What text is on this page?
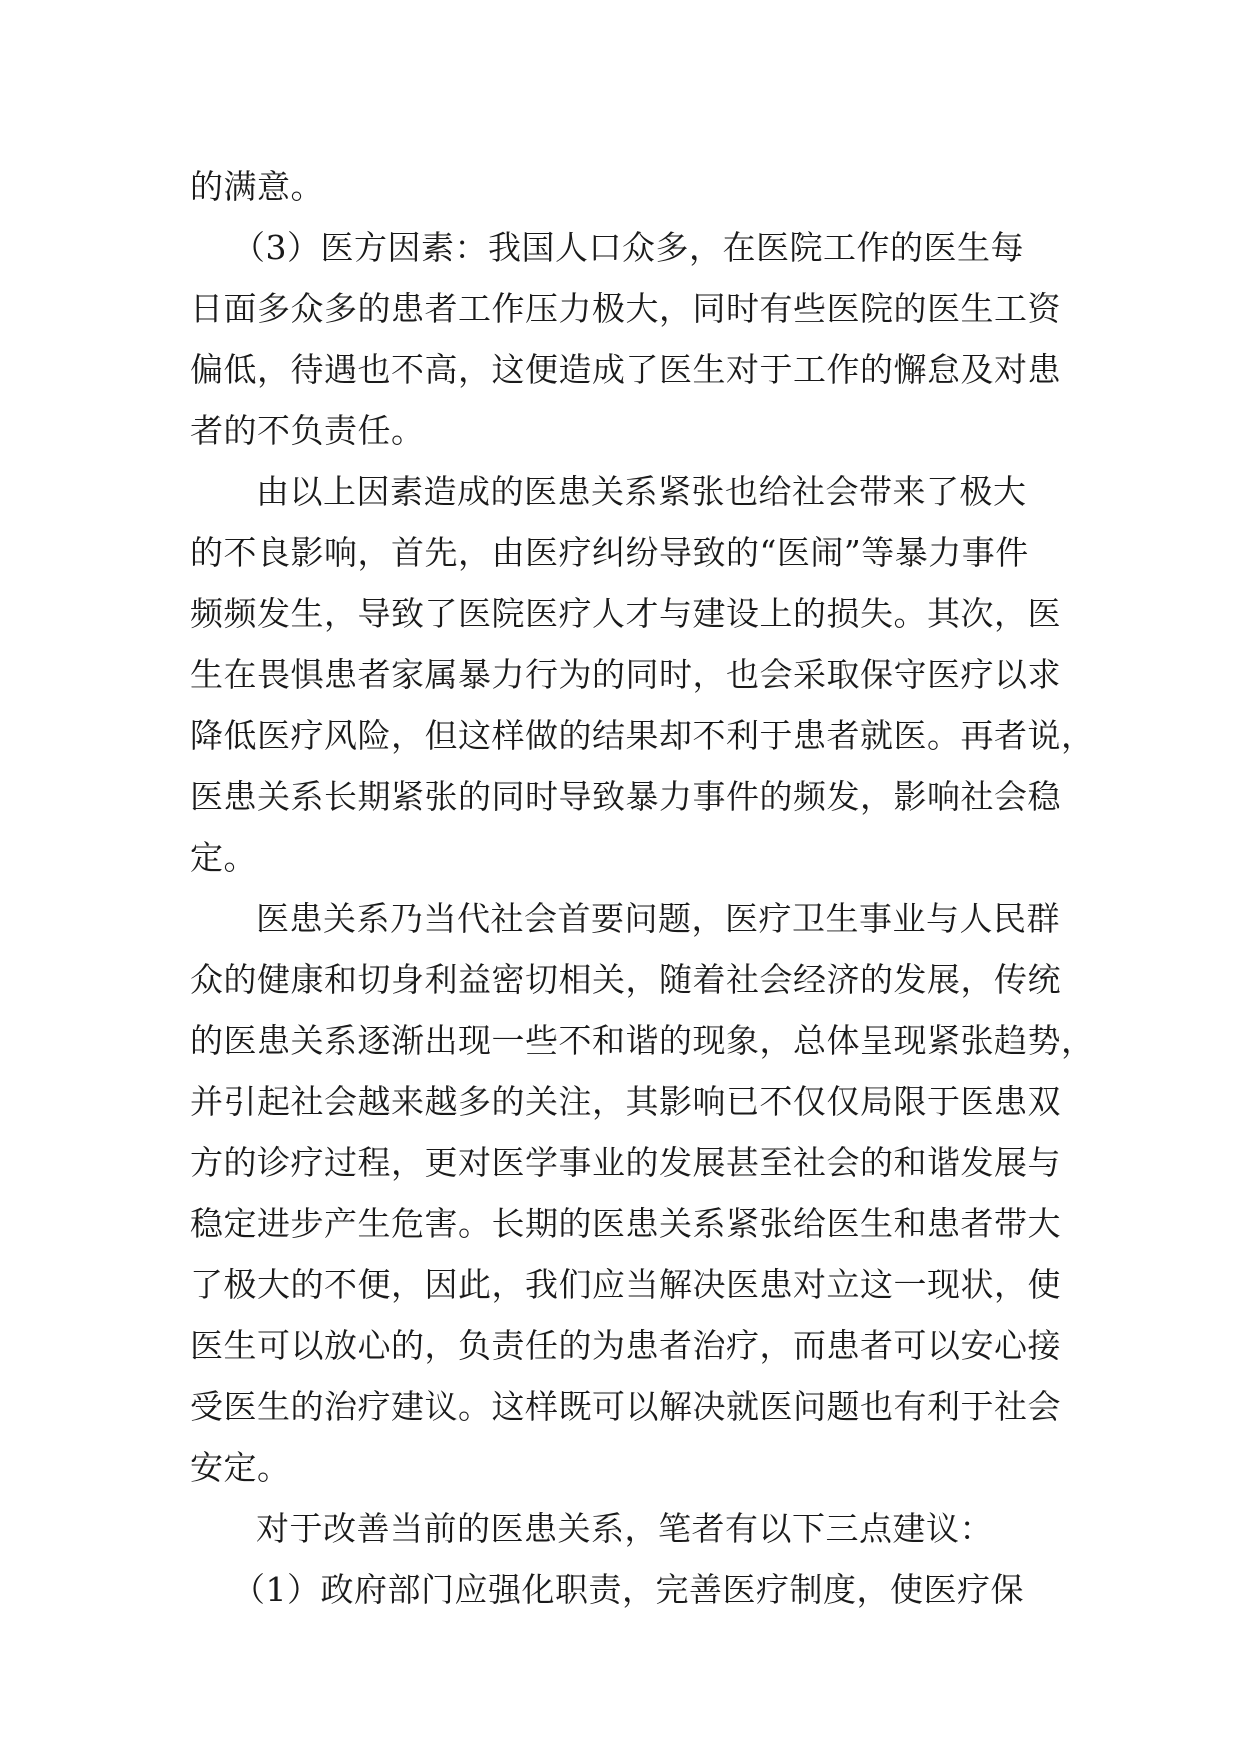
的满意。
（3）医方因素：我国人口众多，在医院工作的医生每
日面多众多的患者工作压力极大，同时有些医院的医生工资
偏低，待遇也不高，这便造成了医生对于工作的懈怠及对患
者的不负责任。
由以上因素造成的医患关系紧张也给社会带来了极大
的不良影响，首先，由医疗纠纷导致的“医闹”等暴力事件
频频发生，导致了医院医疗人才与建设上的损失。其次，医
生在畏惧患者家属暴力行为的同时，也会采取保守医疗以求
降低医疗风险，但这样做的结果却不利于患者就医。再者说，
医患关系长期紧张的同时导致暴力事件的频发，影响社会稳
定。
医患关系乃当代社会首要问题，医疗卫生事业与人民群
众的健康和切身利益密切相关，随着社会经济的发展，传统
的医患关系逐渐出现一些不和谐的现象，总体呈现紧张趋势，
并引起社会越来越多的关注，其影响已不仅仅局限于医患双
方的诊疗过程，更对医学事业的发展甚至社会的和谐发展与
稳定进步产生危害。长期的医患关系紧张给医生和患者带大
了极大的不便，因此，我们应当解决医患对立这一现状，使
医生可以放心的，负责任的为患者治疗，而患者可以安心接
受医生的治疗建议。这样既可以解决就医问题也有利于社会
安定。
对于改善当前的医患关系，笔者有以下三点建议：
（1）政府部门应强化职责，完善医疗制度，使医疗保
